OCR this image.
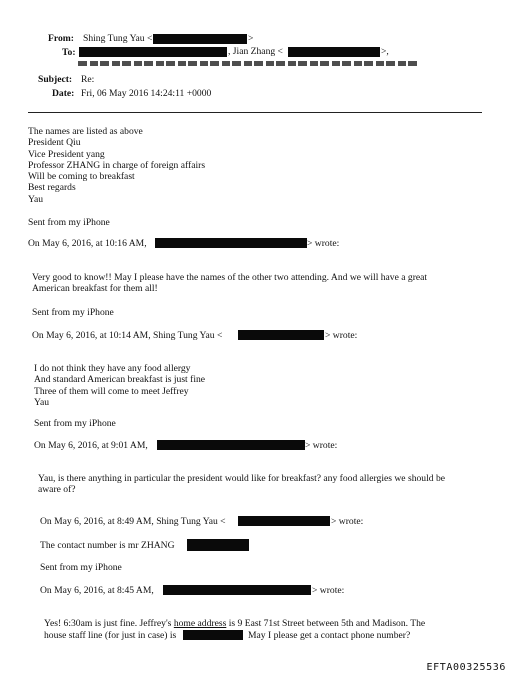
From: Shing Tung Yau <	>
To:	, Jian Zhang <	>,
Subject: Re:
Date: Fri, 06 May 2016 14:24:11 +0000
The names are listed as above
President Qiu
Vice President yang
Professor ZHANG in charge of foreign affairs
Will be coming to breakfast
Best regards
Yau
Sent from my iPhone
On May 6, 2016, at 10:16 AM,	> wrote:
Very good to know!! May I please have the names of the other two attending. And we will have a great
American breakfast for them all!
Sent from my iPhone
On May 6, 2016, at 10:14 AM, Shing Tung Yau <	> wrote:
I do not think they have any food allergy
And standard American breakfast is just fine
Three of them will come to meet Jeffrey
Yau
Sent from my iPhone
On May 6, 2016, at 9:01 AM,	> wrote:
Yau, is there anything in particular the president would like for breakfast? any food allergies we should be
aware of?
On May 6, 2016, at 8:49 AM, Shing Tung Yau <	> wrote:
The contact number is mr ZHANG
Sent from my iPhone
On May 6, 2016, at 8:45 AM,	> wrote:
Yes! 6:30am is just fine. Jeffrey's home address is 9 East 71st Street between 5th and Madison. The
house staff line (for just in case) is	May I please get a contact phone number?
EFTA00325536
